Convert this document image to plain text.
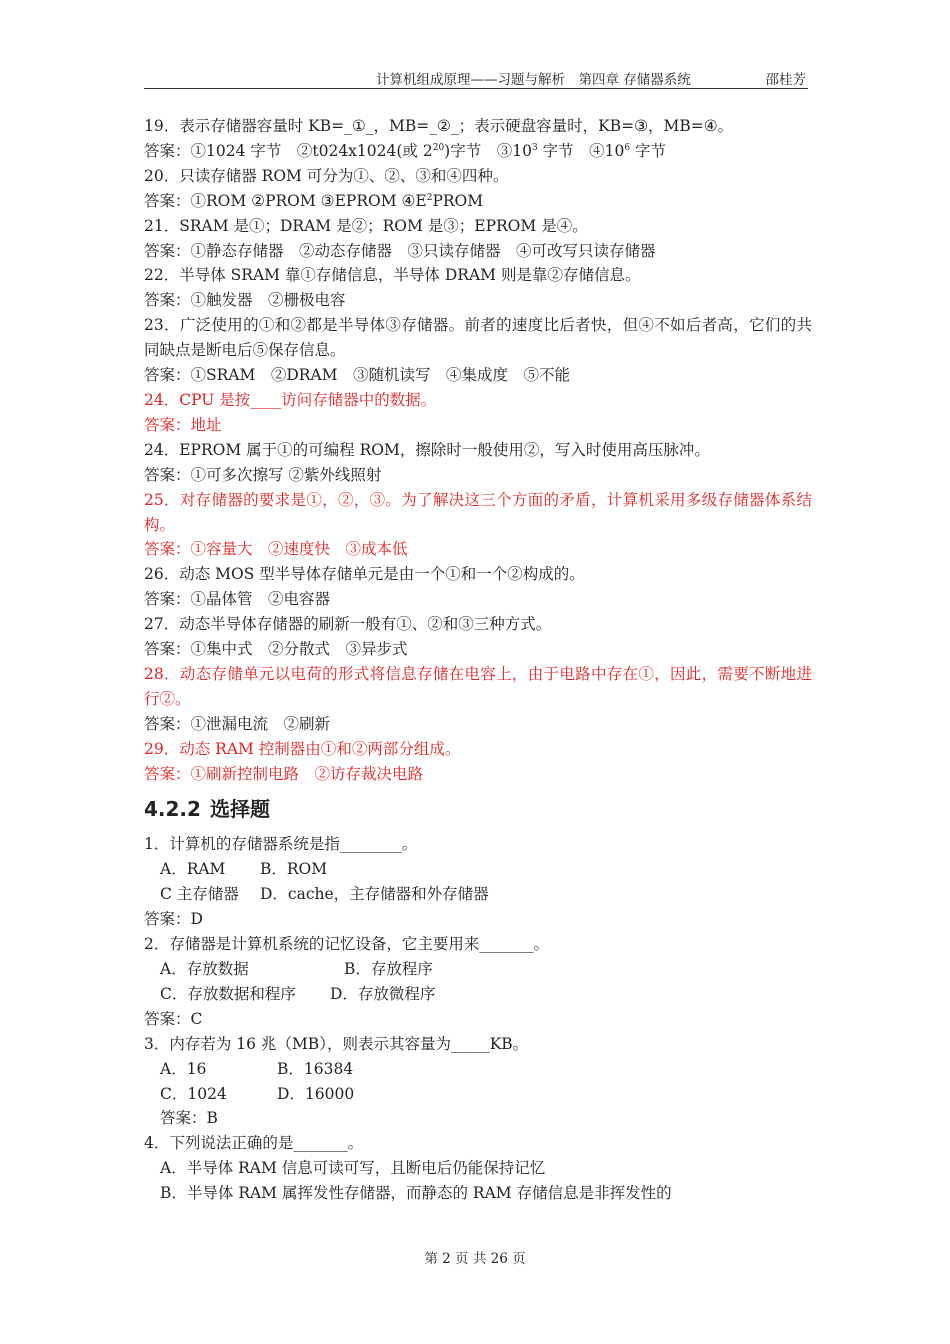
计算机组成原理——习题与解析　第四章 存储器系统	邵桂芳
19．表示存储器容量时 KB=_①_，MB=_②_；表示硬盘容量时，KB=③，MB=④。
答案：①1024 字节　②t024x1024(或 $2^{20}$)字节　$③10^3$ 字节　$④10^6$ 字节
20．只读存储器 ROM 可分为①、②、③和④四种。
答案：①ROM ②PROM ③EPROM $④E^2PROM$
21．SRAM 是①；DRAM 是②；ROM 是③；EPROM 是④。
答案：①静态存储器　②动态存储器　③只读存储器　④可改写只读存储器
22．半导体 SRAM 靠①存储信息，半导体 DRAM 则是靠②存储信息。
答案：①触发器　②栅极电容
23．广泛使用的①和②都是半导体③存储器。前者的速度比后者快，但④不如后者高，它们的共同缺点是断电后⑤保存信息。
答案：①SRAM　②DRAM　③随机读写　④集成度　⑤不能
24．CPU 是按____访问存储器中的数据。
答案：地址
24．EPROM 属于①的可编程 ROM，擦除时一般使用②，写入时使用高压脉冲。
答案：①可多次擦写 ②紫外线照射
25．对存储器的要求是①，②，③。为了解决这三个方面的矛盾，计算机采用多级存储器体系结构。
答案：①容量大　②速度快　③成本低
26．动态 MOS 型半导体存储单元是由一个①和一个②构成的。
答案：①晶体管　②电容器
27．动态半导体存储器的刷新一般有①、②和③三种方式。
答案：①集中式　②分散式　③异步式
28．动态存储单元以电荷的形式将信息存储在电容上，由于电路中存在①，因此，需要不断地进行②。
答案：①泄漏电流　②刷新
29．动态 RAM 控制器由①和②两部分组成。
答案：①刷新控制电路　②访存裁决电路
4.2.2 选择题
1．计算机的存储器系统是指________。
A．RAM B．ROM
C 主存储器 D．cache，主存储器和外存储器
答案：D
2．存储器是计算机系统的记忆设备，它主要用来_______。
A．存放数据	B．存放程序
C．存放数据和程序 D．存放微程序
答案：C
3．内存若为 16 兆（MB），则表示其容量为_____KB。
A．16	B．16384
C．1024	D．16000
答案：B
4．下列说法正确的是_______。
A．半导体 RAM 信息可读可写，且断电后仍能保持记忆
B．半导体 RAM 属挥发性存储器，而静态的 RAM 存储信息是非挥发性的
第 2 页 共 26 页
